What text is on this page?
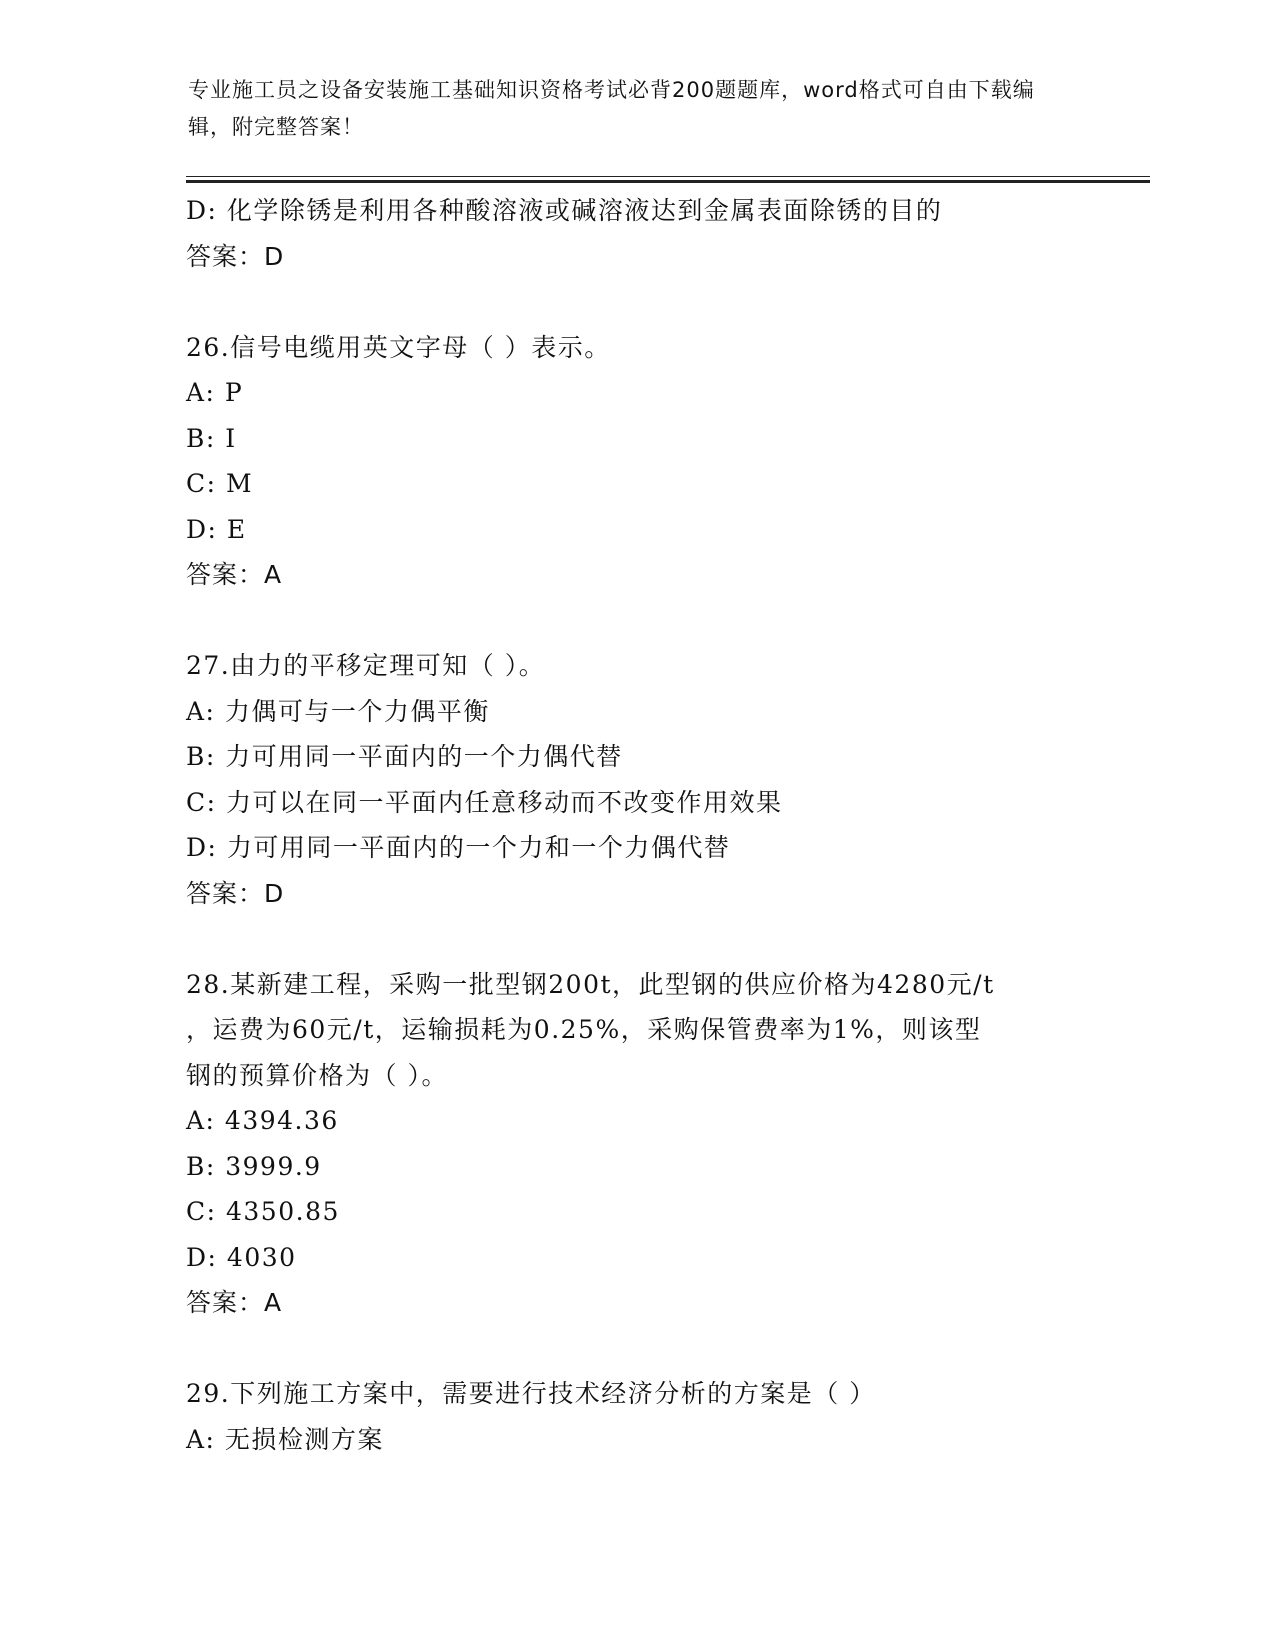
专业施工员之设备安装施工基础知识资格考试必背200题题库，word格式可自由下载编辑，附完整答案！
D: 化学除锈是利用各种酸溶液或碱溶液达到金属表面除锈的目的
答案：D
26.信号电缆用英文字母（ ）表示。
A: P
B: I
C: M
D: E
答案：A
27.由力的平移定理可知（ ）。
A: 力偶可与一个力偶平衡
B: 力可用同一平面内的一个力偶代替
C: 力可以在同一平面内任意移动而不改变作用效果
D: 力可用同一平面内的一个力和一个力偶代替
答案：D
28.某新建工程，采购一批型钢200t，此型钢的供应价格为4280元/t
，运费为60元/t，运输损耗为0.25%，采购保管费率为1%，则该型
钢的预算价格为（ ）。
A: 4394.36
B: 3999.9
C: 4350.85
D: 4030
答案：A
29.下列施工方案中，需要进行技术经济分析的方案是（ ）
A: 无损检测方案
